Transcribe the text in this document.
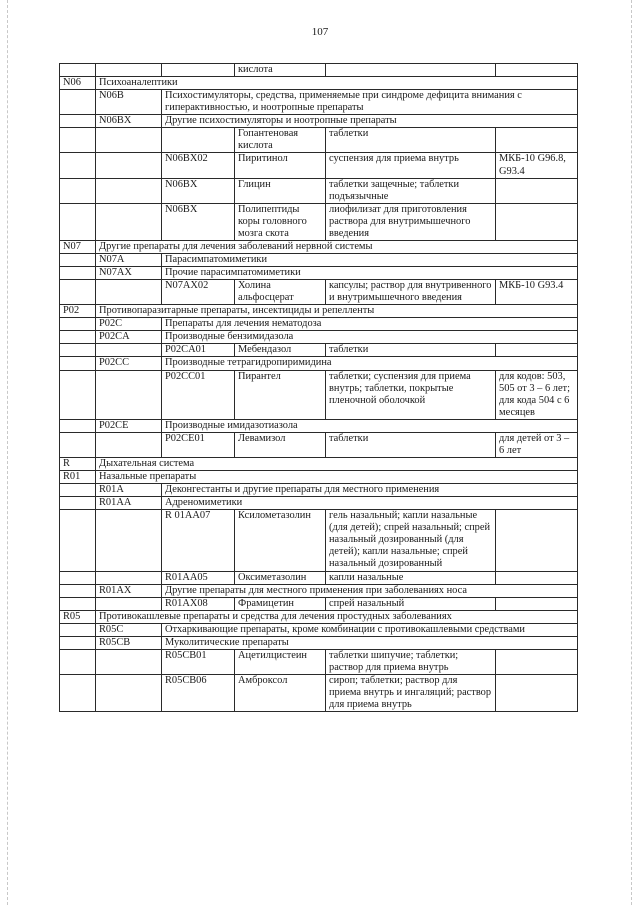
107
			кислота		
N06	Психоаналептики				
	N06B	Психостимуляторы, средства, применяемые при синдроме дефицита внимания с гиперактивностью, и ноотропные препараты			
	N06BX	Другие психостимуляторы и ноотропные препараты			
			Гопантеновая кислота	таблетки	
		N06BX02	Пиритинол	суспензия для приема внутрь	МКБ-10 G96.8, G93.4
		N06BX	Глицин	таблетки защечные; таблетки подъязычные	
		N06BX	Полипептиды коры головного мозга скота	лиофилизат для приготовления раствора для внутримышечного введения	
N07	Другие препараты для лечения заболеваний нервной системы				
	N07A	Парасимпатомиметики			
	N07AX	Прочие парасимпатомиметики			
		N07AX02	Холина альфосцерат	капсулы; раствор для внутривенного и внутримышечного введения	МКБ-10 G93.4
P02	Противопаразитарные препараты, инсектициды и репелленты				
	P02C	Препараты для лечения нематодоза			
	P02CA	Производные бензимидазола			
		P02CA01	Мебендазол	таблетки	
	P02CC	Производные тетрагидропиримидина			
		P02CC01	Пирантел	таблетки; суспензия для приема внутрь; таблетки, покрытые пленочной оболочкой	для кодов: 503, 505 от 3 – 6 лет; для кода 504 с 6 месяцев
	P02CE	Производные имидазотиазола			
		P02CE01	Левамизол	таблетки	для детей от 3 – 6 лет
R	Дыхательная система				
R01	Назальные препараты				
	R01A	Деконгестанты и другие препараты для местного применения			
	R01AA	Адреномиметики			
		R 01AA07	Ксилометазолин	гель назальный; капли назальные (для детей); спрей назальный; спрей назальный дозированный (для детей); капли назальные; спрей назальный дозированный	
		R01AA05	Оксиметазолин	капли назальные	
	R01AX	Другие препараты для местного применения при заболеваниях носа			
		R01AX08	Фрамицетин	спрей назальный	
R05	Противокашлевые препараты и средства для лечения простудных заболеваниях				
	R05C	Отхаркивающие препараты, кроме комбинации с противокашлевыми средствами			
	R05CB	Муколитические препараты			
		R05CB01	Ацетилцистеин	таблетки шипучие; таблетки; раствор для приема внутрь	
		R05CB06	Амброксол	сироп; таблетки; раствор для приема внутрь и ингаляций; раствор для приема внутрь	
